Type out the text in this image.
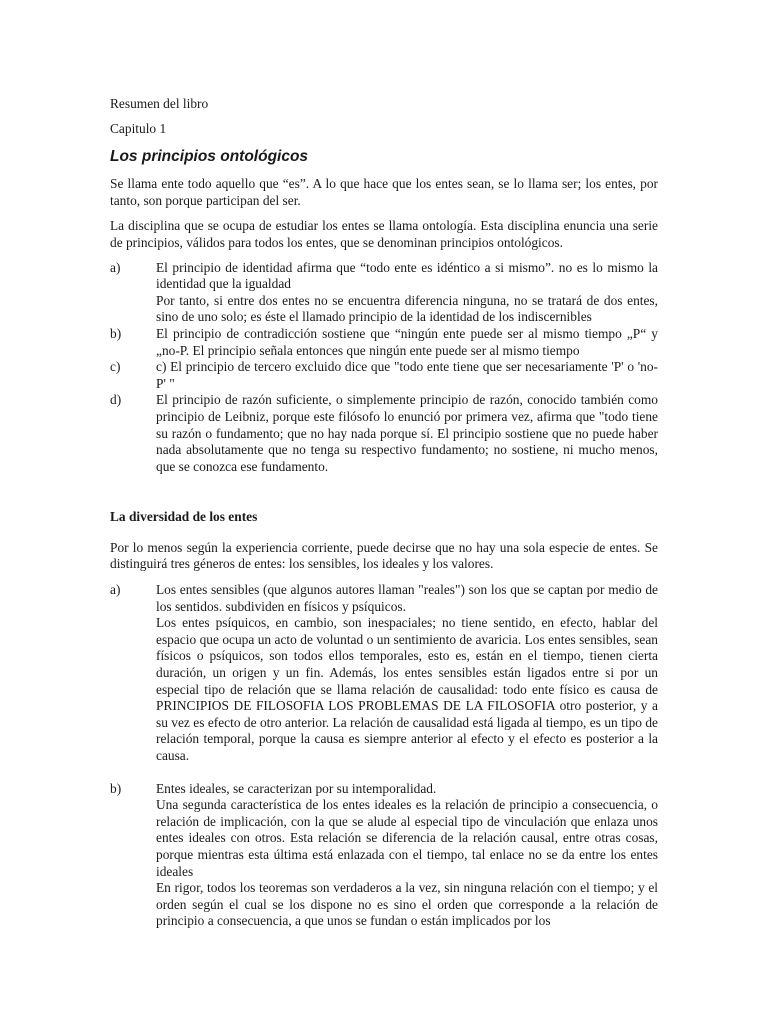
Resumen del libro

Capitulo 1

Los principios ontológicos

Se llama ente todo aquello que “es”. A lo que hace que los entes sean, se lo llama ser; los entes, por tanto, son porque participan del ser.

La disciplina que se ocupa de estudiar los entes se llama ontología. Esta disciplina enuncia una serie de principios, válidos para todos los entes, que se denominan principios ontológicos.

a)	El principio de identidad afirma que “todo ente es idéntico a si mismo”. no es lo mismo la identidad que la igualdad

Por tanto, si entre dos entes no se encuentra diferencia ninguna, no se tratará de dos entes, sino de uno solo; es éste el llamado principio de la identidad de los indiscernibles

b)	El principio de contradicción sostiene que “ningún ente puede ser al mismo tiempo „P“ y „no-P. El principio señala entonces que ningún ente puede ser al mismo tiempo

c)	c) El principio de tercero excluido dice que "todo ente tiene que ser necesariamente 'P' o 'no-P' "

d)	El principio de razón suficiente, o simplemente principio de razón, conocido también como principio de Leibniz, porque este filósofo lo enunció por primera vez, afirma que "todo tiene su razón o fundamento; que no hay nada porque sí. El principio sostiene que no puede haber nada absolutamente que no tenga su respectivo fundamento; no sostiene, ni mucho menos, que se conozca ese fundamento.

La diversidad de los entes

Por lo menos según la experiencia corriente, puede decirse que no hay una sola especie de entes. Se distinguirá tres géneros de entes: los sensibles, los ideales y los valores.

a)	Los entes sensibles (que algunos autores llaman "reales") son los que se captan por medio de los sentidos. subdividen en físicos y psíquicos.

Los entes psíquicos, en cambio, son inespaciales; no tiene sentido, en efecto, hablar del espacio que ocupa un acto de voluntad o un sentimiento de avaricia. Los entes sensibles, sean físicos o psíquicos, son todos ellos temporales, esto es, están en el tiempo, tienen cierta duración, un origen y un fin. Además, los entes sensibles están ligados entre si por un especial tipo de relación que se llama relación de causalidad: todo ente físico es causa de PRINCIPIOS DE FILOSOFIA LOS PROBLEMAS DE LA FILOSOFIA otro posterior, y a su vez es efecto de otro anterior. La relación de causalidad está ligada al tiempo, es un tipo de relación temporal, porque la causa es siempre anterior al efecto y el efecto es posterior a la causa.

b)	Entes ideales, se caracterizan por su intemporalidad.

Una segunda característica de los entes ideales es la relación de principio a consecuencia, o relación de implicación, con la que se alude al especial tipo de vinculación que enlaza unos entes ideales con otros. Esta relación se diferencia de la relación causal, entre otras cosas, porque mientras esta última está enlazada con el tiempo, tal enlace no se da entre los entes ideales

En rigor, todos los teoremas son verdaderos a la vez, sin ninguna relación con el tiempo; y el orden según el cual se los dispone no es sino el orden que corresponde a la relación de principio a consecuencia, a que unos se fundan o están implicados por los
